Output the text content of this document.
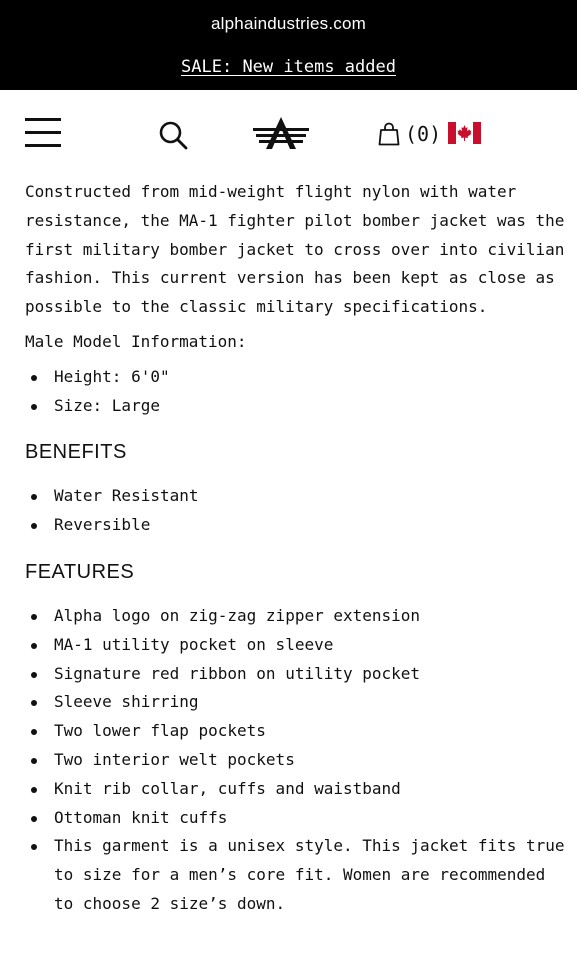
alphaindustries.com
SALE: New items added
(0)

Constructed from mid-weight flight nylon with water resistance, the MA-1 fighter pilot bomber jacket was the first military bomber jacket to cross over into civilian fashion. This current version has been kept as close as possible to the classic military specifications.

Male Model Information:

Height: 6'0"
Size: Large
BENEFITS
Water Resistant
Reversible
FEATURES
Alpha logo on zig-zag zipper extension
MA-1 utility pocket on sleeve
Signature red ribbon on utility pocket
Sleeve shirring
Two lower flap pockets
Two interior welt pockets
Knit rib collar, cuffs and waistband
Ottoman knit cuffs
This garment is a unisex style. This jacket fits true to size for a men’s core fit. Women are recommended to choose 2 size’s down.
